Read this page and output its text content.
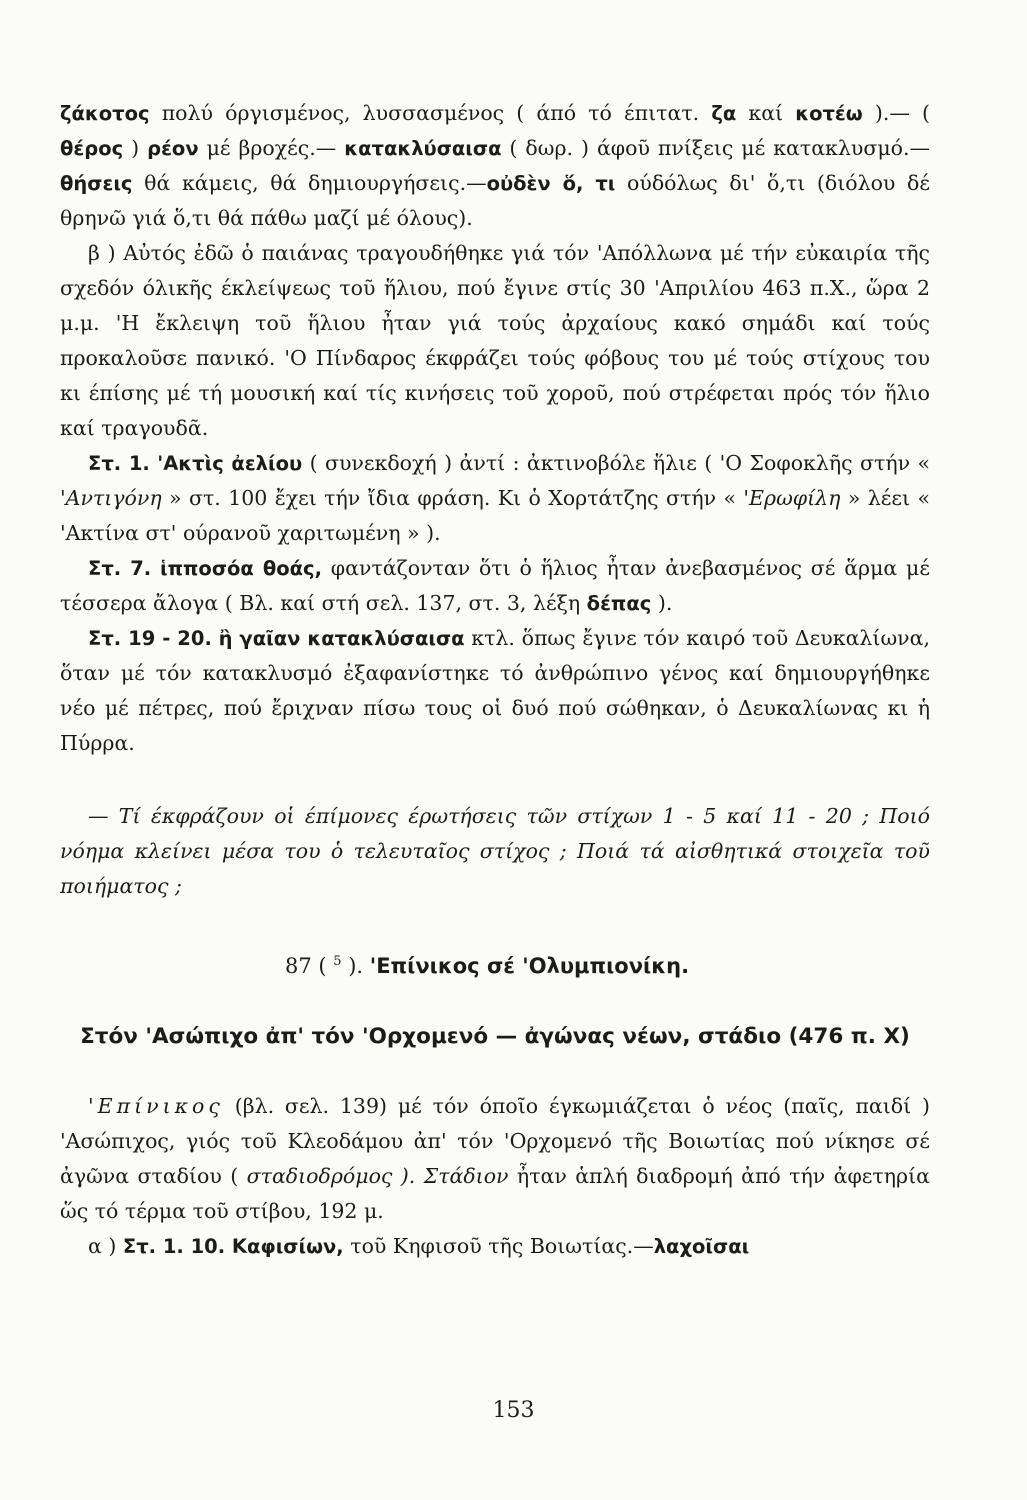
ζάκοτος πολύ όργισμένος, λυσσασμένος ( άπό τό έπιτατ. ζα καί κοτέω ).— ( θέρος ) ρέον μέ βροχές.— κατακλύσαισα ( δωρ. ) άφοῦ πνίξεις μέ κατακλυσμό.— θήσεις θά κάμεις, θά δημιουργήσεις.—οὐδὲν ὅ, τι ούδόλως δι' ὅ,τι (διόλου δέ θρηνῶ γιά ὅ,τι θά πάθω μαζί μέ όλους).

β ) Αὐτός ἐδῶ ὁ παιάνας τραγουδήθηκε γιά τόν 'Απόλλωνα μέ τήν εὐκαιρία τῆς σχεδόν όλικῆς έκλείψεως τοῦ ἥλιου, πού ἔγινε στίς 30 'Απριλίου 463 π.Χ., ὥρα 2 μ.μ. 'Η ἔκλειψη τοῦ ἥλιου ἦταν γιά τούς ἀρχαίους κακό σημάδι καί τούς προκαλοῦσε πανικό. 'Ο Πίνδαρος έκφράζει τούς φόβους του μέ τούς στίχους του κι έπίσης μέ τή μουσική καί τίς κινήσεις τοῦ χοροῦ, πού στρέφεται πρός τόν ἥλιο καί τραγουδᾶ.

Στ. 1. 'Ακτὶς ἀελίου ( συνεκδοχή ) ἀντί : ἀκτινοβόλε ἥλιε ( 'Ο Σοφοκλῆς στήν « 'Αντιγόνη » στ. 100 ἔχει τήν ἴδια φράση. Κι ὁ Χορτάτζης στήν « 'Ερωφίλη » λέει « 'Ακτίνα στ' ούρανοῦ χαριτωμένη » ).

Στ. 7. ἱπποσόα θοάς, φαντάζονταν ὅτι ὁ ἥλιος ἦταν ἀνεβασμένος σέ ἅρμα μέ τέσσερα ἄλογα ( Βλ. καί στή σελ. 137, στ. 3, λέξη δέπας ).

Στ. 19 - 20. ἢ γαῖαν κατακλύσαισα κτλ. ὅπως ἔγινε τόν καιρό τοῦ Δευκαλίωνα, ὅταν μέ τόν κατακλυσμό ἐξαφανίστηκε τό ἀνθρώπινο γένος καί δημιουργήθηκε νέο μέ πέτρες, πού ἔριχναν πίσω τους οἱ δυό πού σώθηκαν, ὁ Δευκαλίωνας κι ἡ Πύρρα.

— Τί έκφράζουν οἱ έπίμονες έρωτήσεις τῶν στίχων 1 - 5 καί 11 - 20 ; Ποιό νόημα κλείνει μέσα του ὁ τελευταῖος στίχος ; Ποιά τά αἰσθητικά στοιχεῖα τοῦ ποιήματος ;

87 ( $^5$ ). 'Επίνικος σέ 'Ολυμπιονίκη.
Στόν 'Ασώπιχο ἀπ' τόν 'Ορχομενό — ἀγώνας νέων, στάδιο (476 π. Χ)

'Επίνικος (βλ. σελ. 139) μέ τόν όποῖο έγκωμιάζεται ὁ νέος (παῖς, παιδί ) 'Ασώπιχος, γιός τοῦ Κλεοδάμου ἀπ' τόν 'Ορχομενό τῆς Βοιωτίας πού νίκησε σέ ἀγῶνα σταδίου ( σταδιοδρόμος ). Στάδιον ἦταν ἁπλή διαδρομή ἀπό τήν ἀφετηρία ὥς τό τέρμα τοῦ στίβου, 192 μ.

α ) Στ. 1. 10. Καφισίων, τοῦ Κηφισοῦ τῆς Βοιωτίας.—λαχοῖσαι

153
